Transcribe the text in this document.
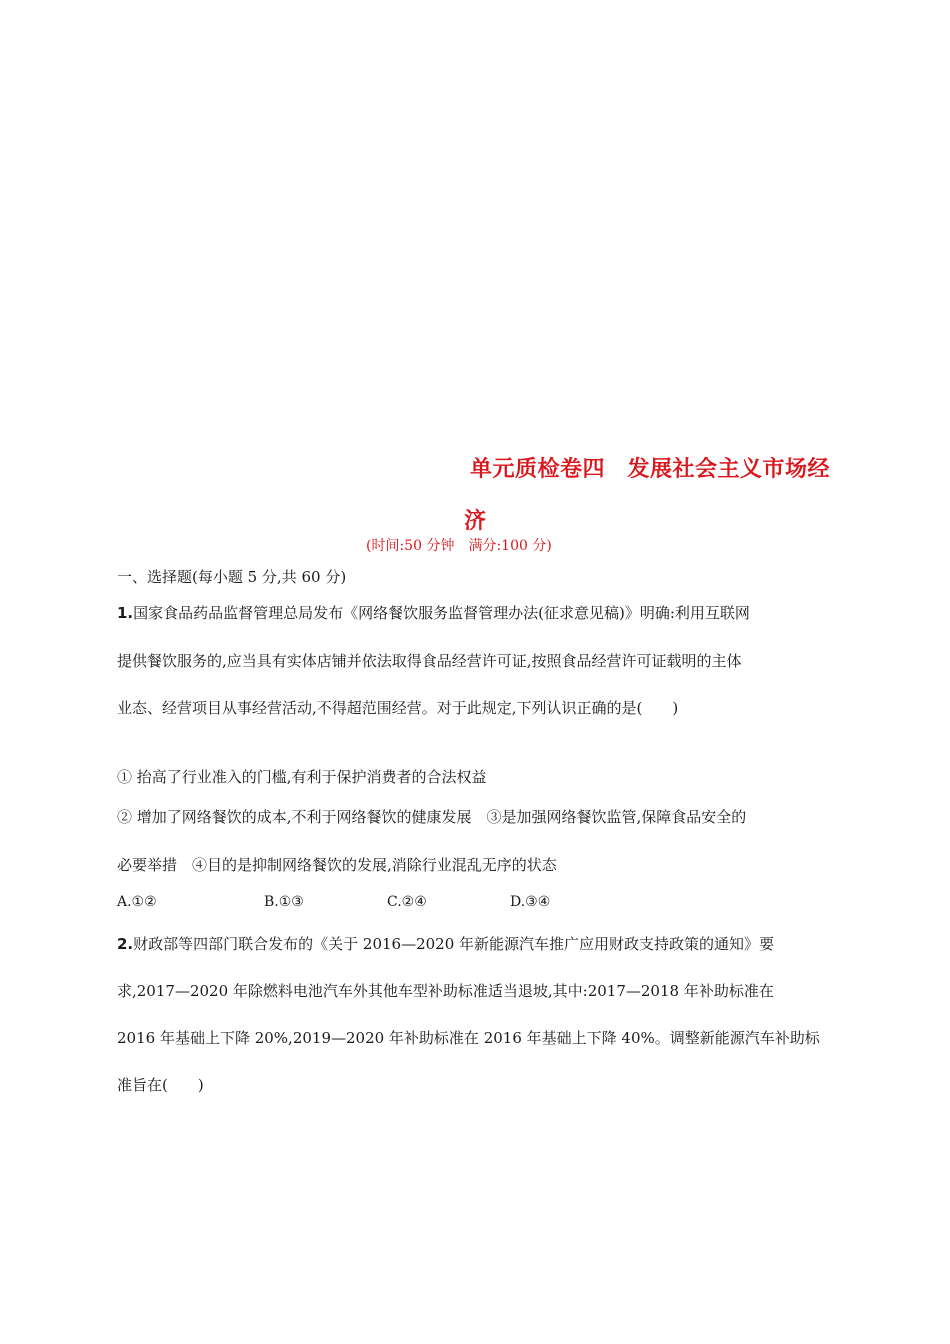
单元质检卷四　发展社会主义市场经
济
(时间:50 分钟　满分:100 分)
一、选择题(每小题 5 分,共 60 分)
1.国家食品药品监督管理总局发布《网络餐饮服务监督管理办法(征求意见稿)》明确:利用互联网
提供餐饮服务的,应当具有实体店铺并依法取得食品经营许可证,按照食品经营许可证载明的主体
业态、经营项目从事经营活动,不得超范围经营。对于此规定,下列认识正确的是(　　)
① 抬高了行业准入的门槛,有利于保护消费者的合法权益
② 增加了网络餐饮的成本,不利于网络餐饮的健康发展　③是加强网络餐饮监管,保障食品安全的
必要举措　④目的是抑制网络餐饮的发展,消除行业混乱无序的状态
A.①②	B.①③	C.②④	D.③④
2.财政部等四部门联合发布的《关于 2016—2020 年新能源汽车推广应用财政支持政策的通知》要
求,2017—2020 年除燃料电池汽车外其他车型补助标准适当退坡,其中:2017—2018 年补助标准在
2016 年基础上下降 20%,2019—2020 年补助标准在 2016 年基础上下降 40%。调整新能源汽车补助标
准旨在(　　)
